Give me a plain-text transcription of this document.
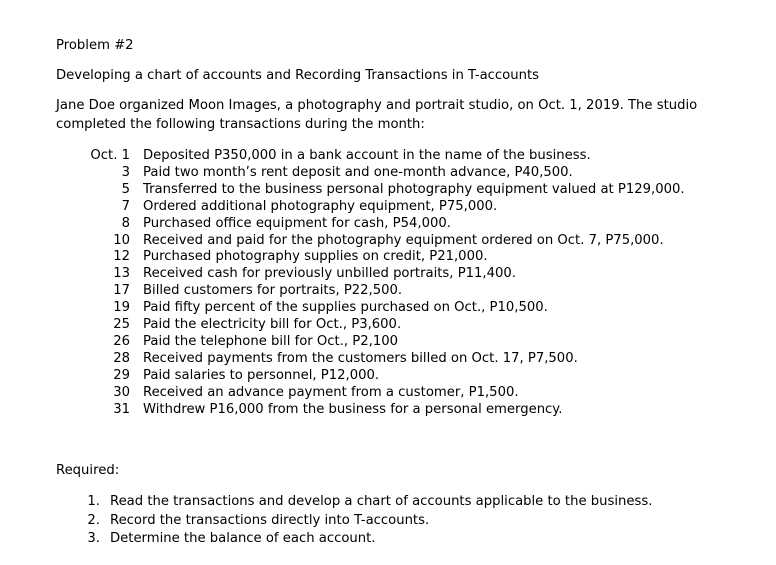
Problem #2
Developing a chart of accounts and Recording Transactions in T-accounts
Jane Doe organized Moon Images, a photography and portrait studio, on Oct. 1, 2019. The studio
completed the following transactions during the month:
Oct. 1 Deposited P350,000 in a bank account in the name of the business.
3 Paid two month’s rent deposit and one-month advance, P40,500.
5 Transferred to the business personal photography equipment valued at P129,000.
7 Ordered additional photography equipment, P75,000.
8 Purchased office equipment for cash, P54,000.
10 Received and paid for the photography equipment ordered on Oct. 7, P75,000.
12 Purchased photography supplies on credit, P21,000.
13 Received cash for previously unbilled portraits, P11,400.
17 Billed customers for portraits, P22,500.
19 Paid fifty percent of the supplies purchased on Oct., P10,500.
25 Paid the electricity bill for Oct., P3,600.
26 Paid the telephone bill for Oct., P2,100
28 Received payments from the customers billed on Oct. 17, P7,500.
29 Paid salaries to personnel, P12,000.
30 Received an advance payment from a customer, P1,500.
31 Withdrew P16,000 from the business for a personal emergency.
Required:
1. Read the transactions and develop a chart of accounts applicable to the business.
2. Record the transactions directly into T-accounts.
3. Determine the balance of each account.
